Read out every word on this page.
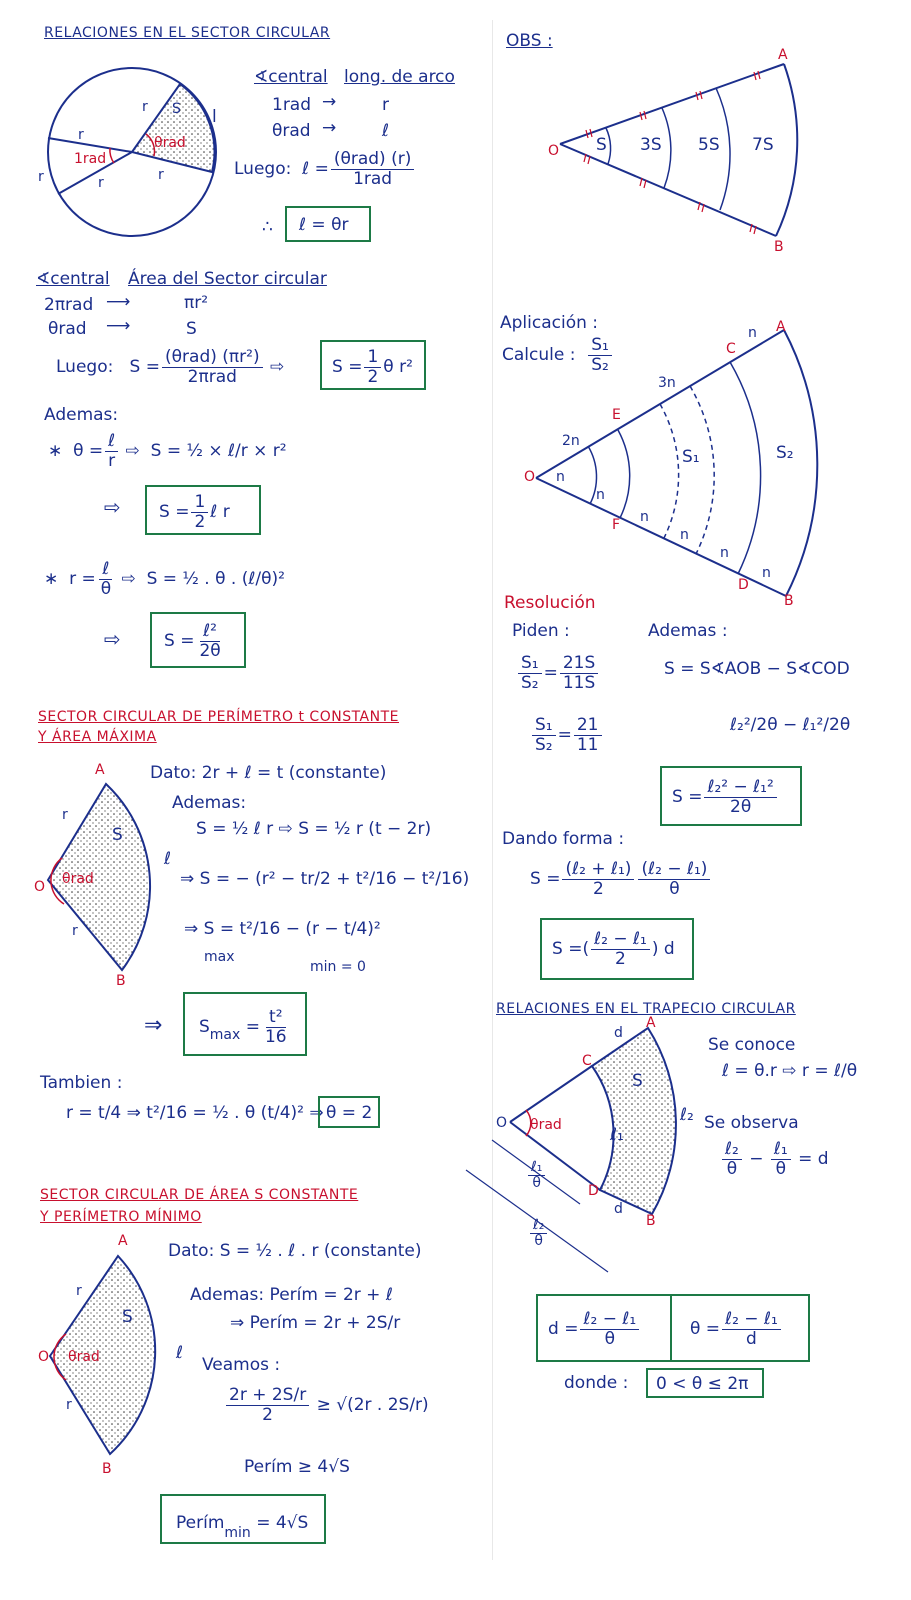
RELACIONES EN EL SECTOR CIRCULAR
r
r
r	r	r
l
S
θrad
1rad
∢central long. de arco
1rad →	r
θrad →	ℓ
Luego:
ℓ = (θrad) (r)
1rad
∴ ℓ = θr
∢central Área del Sector circular
2πrad ⟶	πr²
θrad ⟶	S
Luego:
S = (θrad) (πr²)
2πrad ⇨	$S = \frac{1}{2}$ θ r²
Ademas:
∗
θ = ℓ
r ⇨ S = ½ × ℓ/r × r²
⇨ $S = \frac{1}{2}$ ℓ r
∗
r = ℓ
θ ⇨ S = ½ . θ . (ℓ/θ)²
⇨	S = ℓ²
2θ
SECTOR CIRCULAR DE PERÍMETRO t CONSTANTE
Y ÁREA MÁXIMA
A
B
O
r
r
ℓ
θrad
S
Dato: 2r + ℓ = t (constante)
Ademas:
S = ½ ℓ r ⇨ S = ½ r (t − 2r)
⇒ S = − (r² − tr/2 + t²/16 − t²/16)
⇒ S = t²/16 − (r − t/4)²
max
min = 0
⇒ S max
= $\frac{\text{t²}}{16}$
Tambien :
r = t/4 ⇒ t²/16 = ½ . θ (t/4)² ⇒ θ = 2
SECTOR CIRCULAR DE ÁREA S CONSTANTE
Y PERÍMETRO MÍNIMO
A
B
O
r
r
ℓ
θrad
S
Dato: S = ½ . ℓ . r (constante)
Ademas: Perím = 2r + ℓ
⇒ Perím = 2r + 2S/r
Veamos :
$\frac{2r + 2S/r}{2}$
≥ √(2r . 2S/r)
Perím ≥ 4√S
Perím min
= 4√S
OBS :
O
A
B
S 3S 5S 7S
Aplicación :
Calcule :
S₁
S₂
O
A
B
C
D
E
F
n
n
n
n
n
n
n
2n
3n
S₁	S₂
Resolución
Piden :
S₁
S₂ = 21S
11S
S₁
S₂ = 21
11
Ademas :
S = S∢AOB − S∢COD
ℓ₂²/2θ − ℓ₁²/2θ
S = ℓ₂² − ℓ₁²
2θ
Dando forma :
S = (ℓ₂ + ℓ₁)
2
(ℓ₂ − ℓ₁)
θ
S = ( ℓ₂ − ℓ₁
2 ) d
RELACIONES EN EL TRAPECIO CIRCULAR
A
B
C
D
O
d
d
ℓ₁
ℓ₂
θrad
S
ℓ₁
θ
ℓ₂
θ
Se conoce
ℓ = θ.r ⇨ r = ℓ/θ
Se observa
ℓ₂
θ − ℓ₁
θ
= d
d = ℓ₂ − ℓ₁
θ	θ = ℓ₂ − ℓ₁
d
donde : 0 < θ ≤ 2π
